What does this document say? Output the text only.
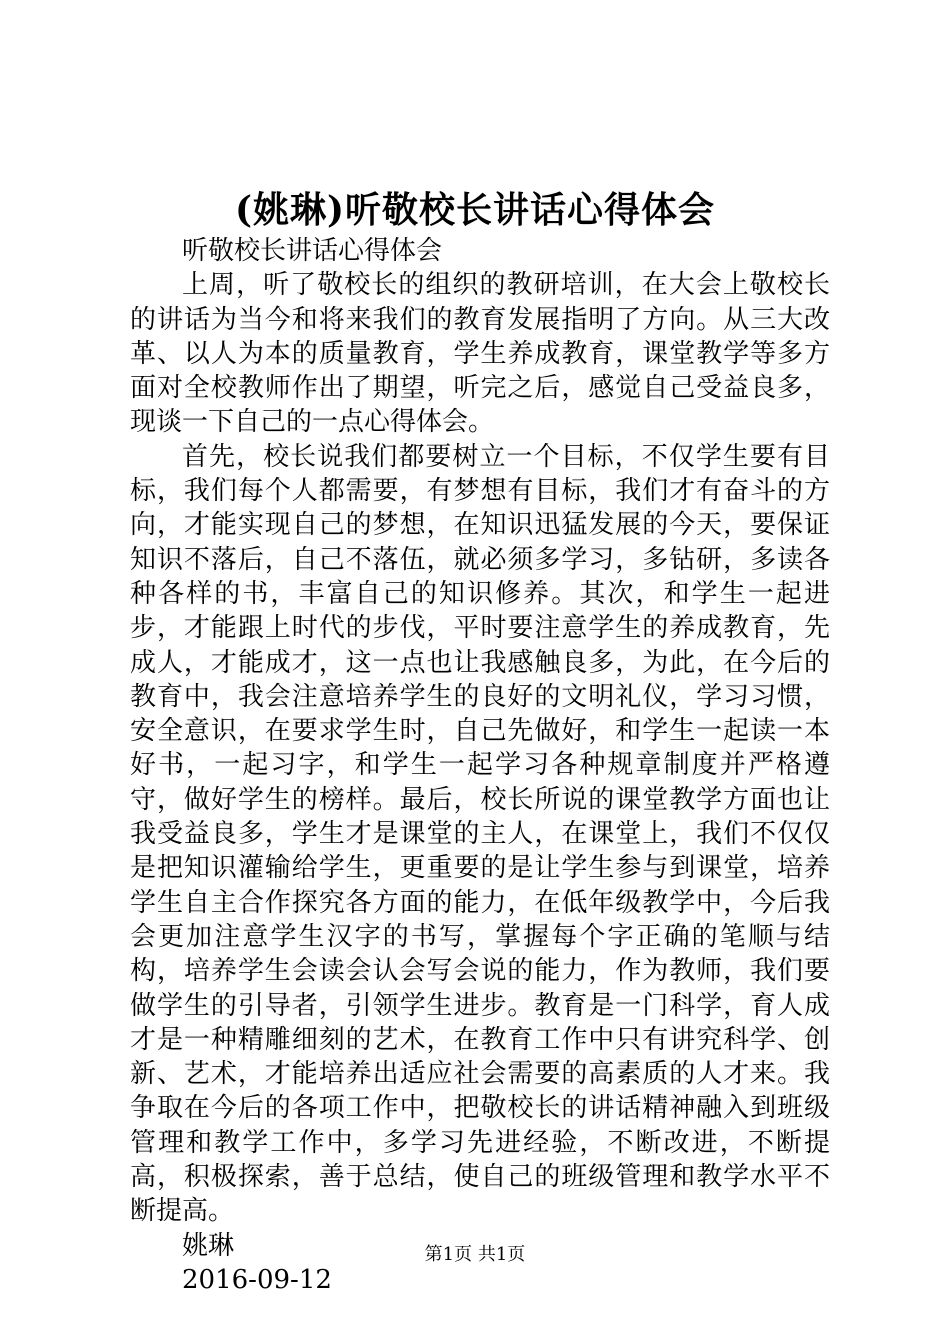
(姚琳)听敬校长讲话心得体会

听敬校长讲话心得体会

上周，听了敬校长的组织的教研培训，在大会上敬校长的讲话为当今和将来我们的教育发展指明了方向。从三大改革、以人为本的质量教育，学生养成教育，课堂教学等多方面对全校教师作出了期望，听完之后，感觉自己受益良多，现谈一下自己的一点心得体会。

首先，校长说我们都要树立一个目标，不仅学生要有目标，我们每个人都需要，有梦想有目标，我们才有奋斗的方向，才能实现自己的梦想，在知识迅猛发展的今天，要保证知识不落后，自己不落伍，就必须多学习，多钻研，多读各种各样的书，丰富自己的知识修养。其次，和学生一起进步，才能跟上时代的步伐，平时要注意学生的养成教育，先成人，才能成才，这一点也让我感触良多，为此，在今后的教育中，我会注意培养学生的良好的文明礼仪，学习习惯，安全意识，在要求学生时，自己先做好，和学生一起读一本好书，一起习字，和学生一起学习各种规章制度并严格遵守，做好学生的榜样。最后，校长所说的课堂教学方面也让我受益良多，学生才是课堂的主人，在课堂上，我们不仅仅是把知识灌输给学生，更重要的是让学生参与到课堂，培养学生自主合作探究各方面的能力，在低年级教学中，今后我会更加注意学生汉字的书写，掌握每个字正确的笔顺与结构，培养学生会读会认会写会说的能力，作为教师，我们要做学生的引导者，引领学生进步。教育是一门科学，育人成才是一种精雕细刻的艺术，在教育工作中只有讲究科学、创新、艺术，才能培养出适应社会需要的高素质的人才来。我争取在今后的各项工作中，把敬校长的讲话精神融入到班级管理和教学工作中，多学习先进经验，不断改进，不断提高，积极探索，善于总结，使自己的班级管理和教学水平不断提高。

姚琳

2016-09-12

第1页 共1页
